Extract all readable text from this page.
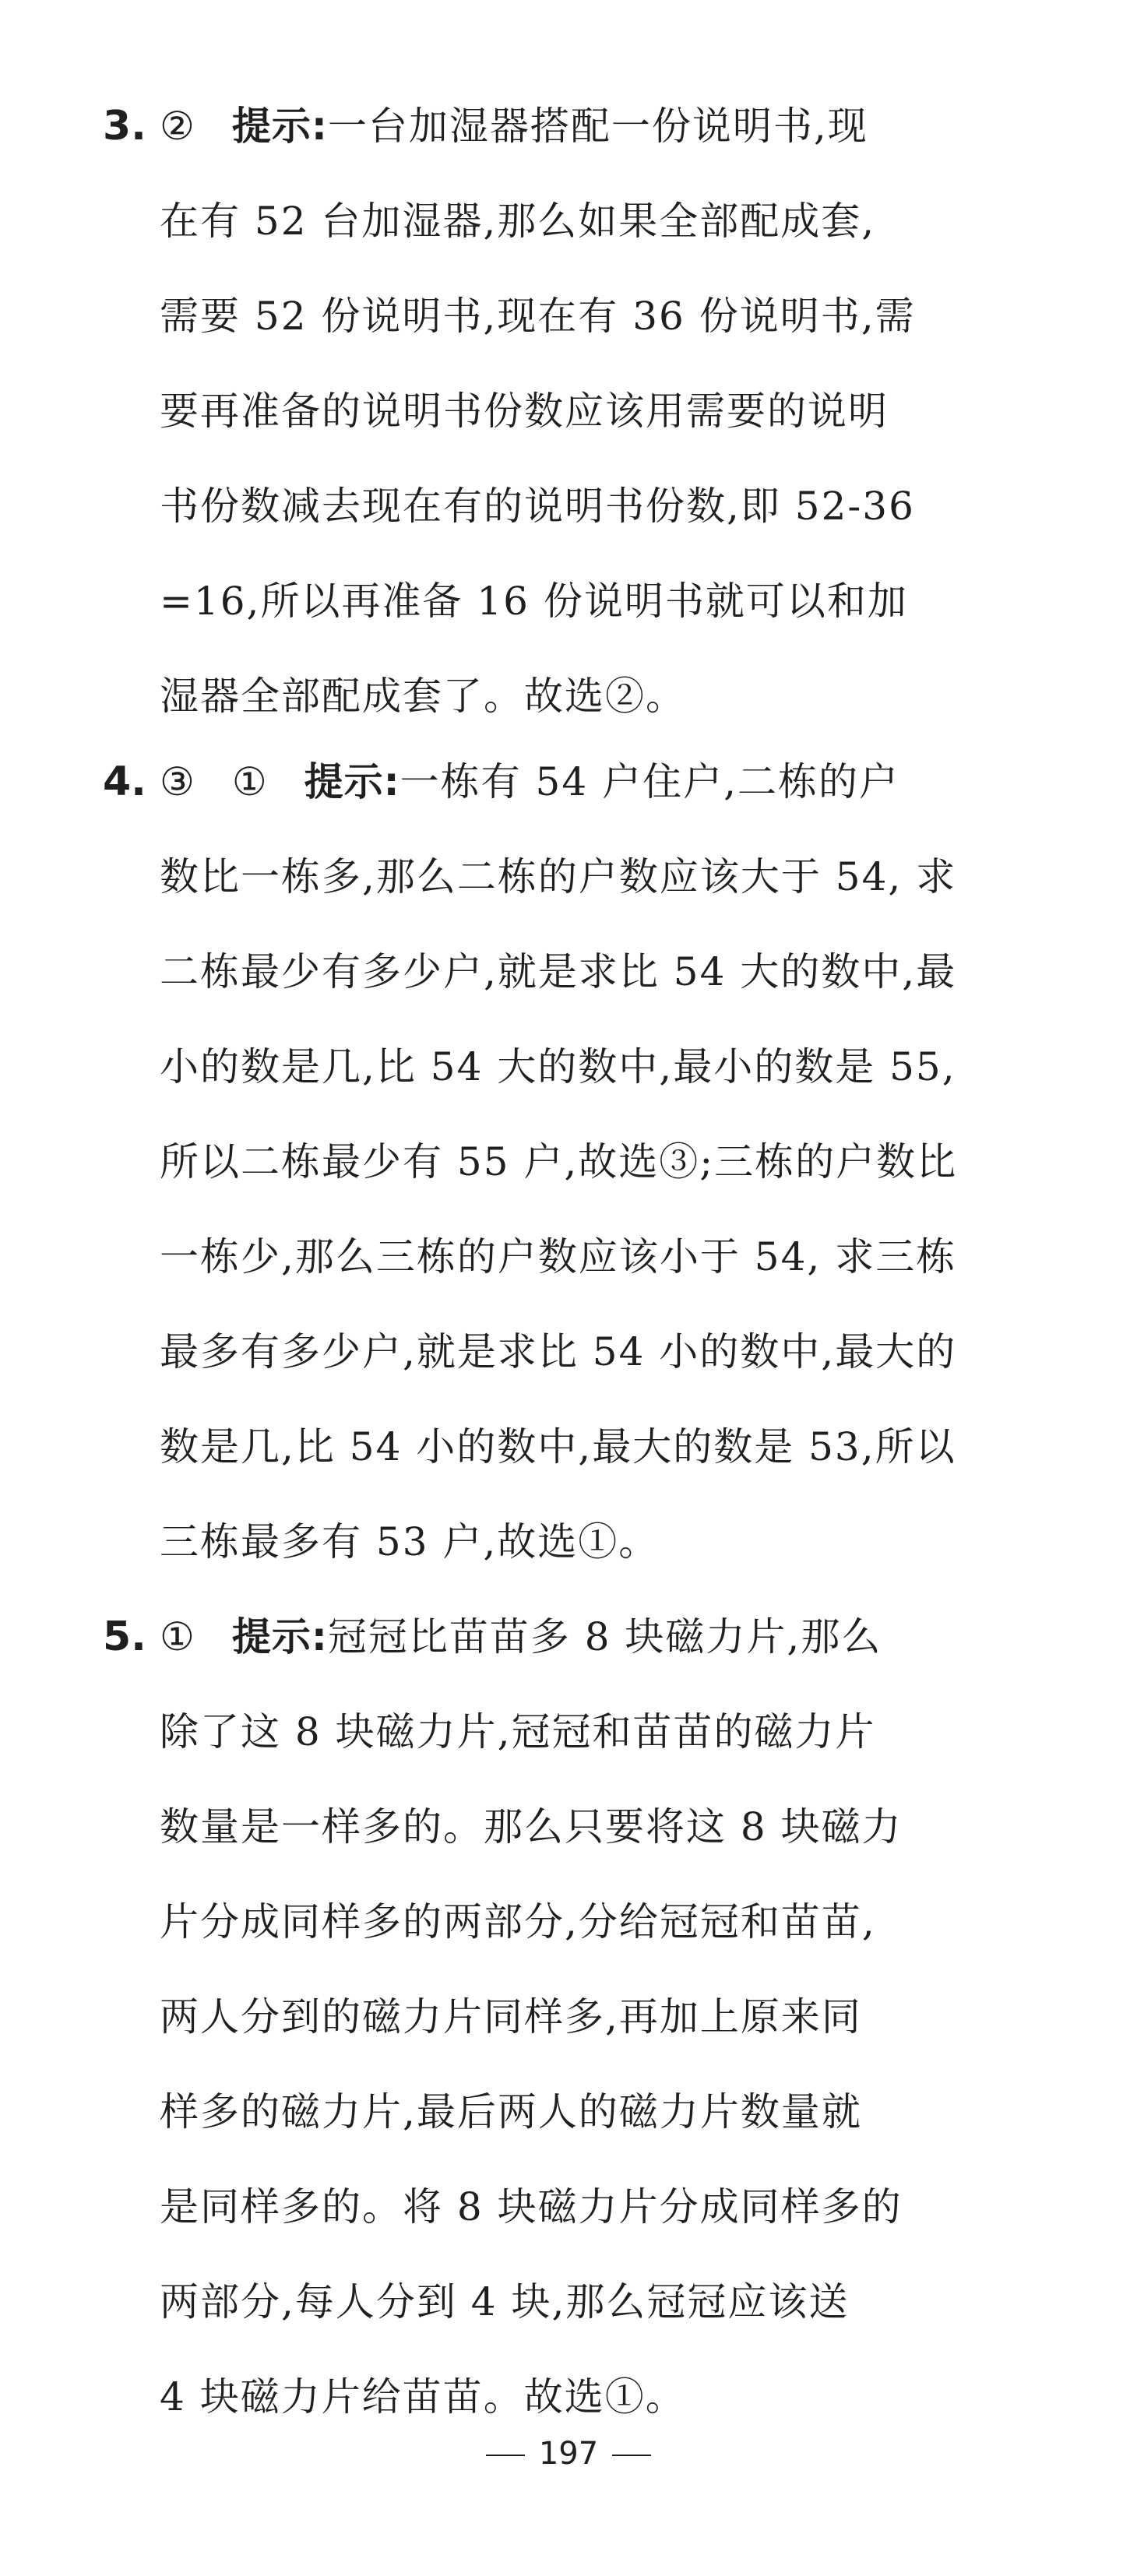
3. ② 提示:一台加湿器搭配一份说明书,现
在有 52 台加湿器,那么如果全部配成套,
需要 52 份说明书,现在有 36 份说明书,需
要再准备的说明书份数应该用需要的说明
书份数减去现在有的说明书份数,即 52-36
=16,所以再准备 16 份说明书就可以和加
湿器全部配成套了。故选②。
4. ③ ① 提示:一栋有 54 户住户,二栋的户
数比一栋多,那么二栋的户数应该大于 54, 求
二栋最少有多少户,就是求比 54 大的数中,最
小的数是几,比 54 大的数中,最小的数是 55,
所以二栋最少有 55 户,故选③;三栋的户数比
一栋少,那么三栋的户数应该小于 54, 求三栋
最多有多少户,就是求比 54 小的数中,最大的
数是几,比 54 小的数中,最大的数是 53,所以
三栋最多有 53 户,故选①。
5. ① 提示:冠冠比苗苗多 8 块磁力片,那么
除了这 8 块磁力片,冠冠和苗苗的磁力片
数量是一样多的。那么只要将这 8 块磁力
片分成同样多的两部分,分给冠冠和苗苗,
两人分到的磁力片同样多,再加上原来同
样多的磁力片,最后两人的磁力片数量就
是同样多的。将 8 块磁力片分成同样多的
两部分,每人分到 4 块,那么冠冠应该送
4 块磁力片给苗苗。故选①。
197
